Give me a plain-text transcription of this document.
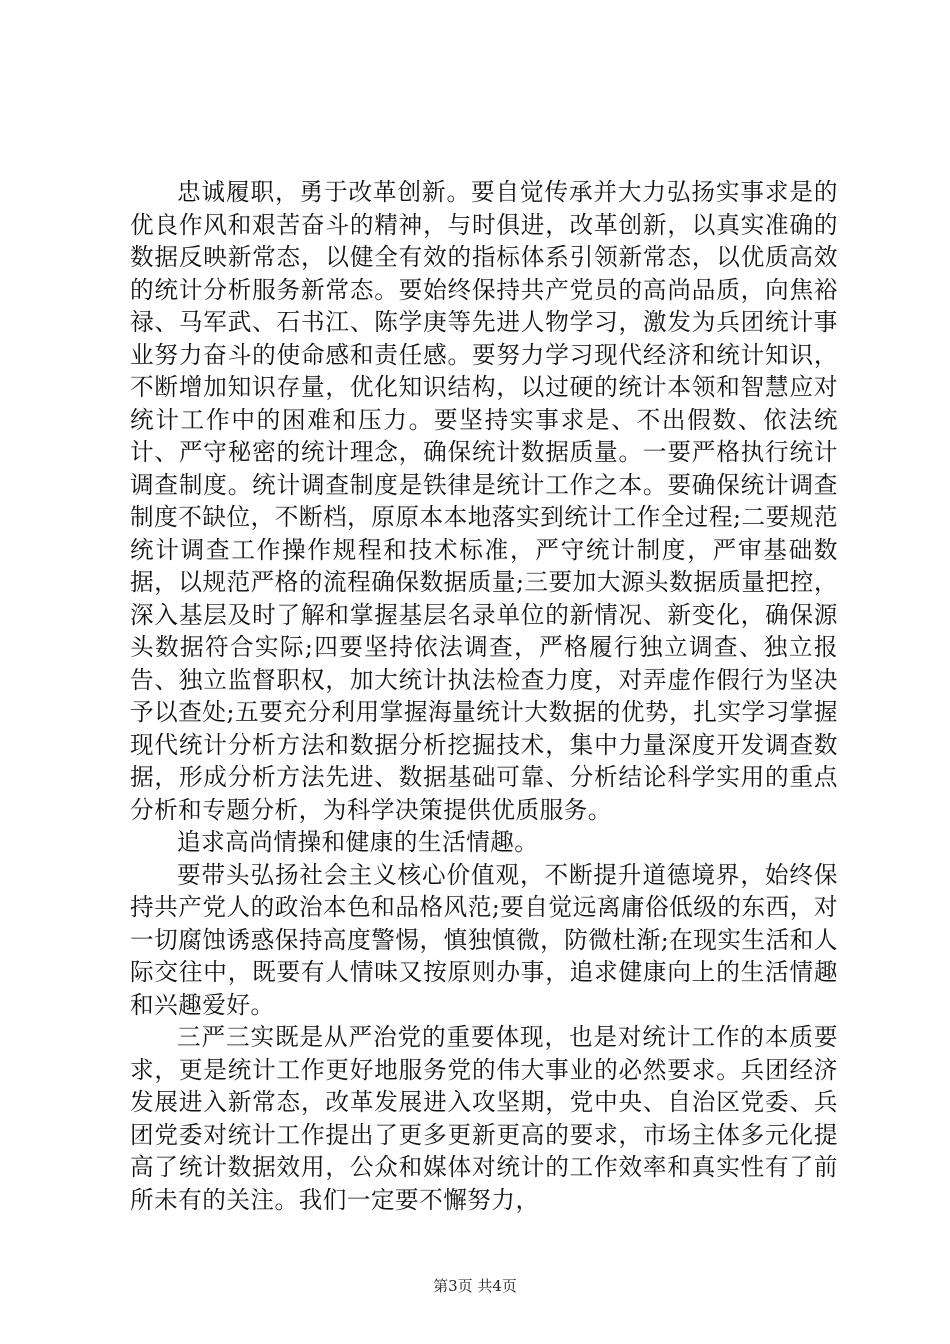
忠诚履职，勇于改革创新。要自觉传承并大力弘扬实事求是的优良作风和艰苦奋斗的精神，与时俱进，改革创新，以真实准确的数据反映新常态，以健全有效的指标体系引领新常态，以优质高效的统计分析服务新常态。要始终保持共产党员的高尚品质，向焦裕禄、马军武、石书江、陈学庚等先进人物学习，激发为兵团统计事业努力奋斗的使命感和责任感。要努力学习现代经济和统计知识，不断增加知识存量，优化知识结构，以过硬的统计本领和智慧应对统计工作中的困难和压力。要坚持实事求是、不出假数、依法统计、严守秘密的统计理念，确保统计数据质量。一要严格执行统计调查制度。统计调查制度是铁律是统计工作之本。要确保统计调查制度不缺位，不断档，原原本本地落实到统计工作全过程;二要规范统计调查工作操作规程和技术标准，严守统计制度，严审基础数据，以规范严格的流程确保数据质量;三要加大源头数据质量把控，深入基层及时了解和掌握基层名录单位的新情况、新变化，确保源头数据符合实际;四要坚持依法调查，严格履行独立调查、独立报告、独立监督职权，加大统计执法检查力度，对弄虚作假行为坚决予以查处;五要充分利用掌握海量统计大数据的优势，扎实学习掌握现代统计分析方法和数据分析挖掘技术，集中力量深度开发调查数据，形成分析方法先进、数据基础可靠、分析结论科学实用的重点分析和专题分析，为科学决策提供优质服务。

追求高尚情操和健康的生活情趣。

要带头弘扬社会主义核心价值观，不断提升道德境界，始终保持共产党人的政治本色和品格风范;要自觉远离庸俗低级的东西，对一切腐蚀诱惑保持高度警惕，慎独慎微，防微杜渐;在现实生活和人际交往中，既要有人情味又按原则办事，追求健康向上的生活情趣和兴趣爱好。

三严三实既是从严治党的重要体现，也是对统计工作的本质要求，更是统计工作更好地服务党的伟大事业的必然要求。兵团经济发展进入新常态，改革发展进入攻坚期，党中央、自治区党委、兵团党委对统计工作提出了更多更新更高的要求，市场主体多元化提高了统计数据效用，公众和媒体对统计的工作效率和真实性有了前所未有的关注。我们一定要不懈努力，

第3页 共4页
